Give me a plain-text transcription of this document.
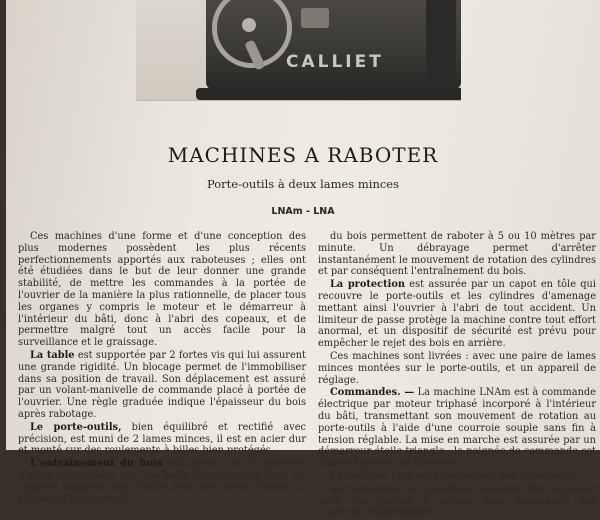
CALLIET
MACHINES A RABOTER
Porte-outils à deux lames minces
LNAm - LNA

Ces machines d'une forme et d'une conception des plus modernes possèdent les plus récents perfectionnements apportés aux raboteuses ; elles ont été étudiées dans le but de leur donner une grande stabilité, de mettre les commandes à la portée de l'ouvrier de la manière la plus rationnelle, de placer tous les organes y compris le moteur et le démarreur à l'intérieur du bâti, donc à l'abri des copeaux, et de permettre malgré tout un accès facile pour la surveillance et le graissage.

La table est supportée par 2 fortes vis qui lui assurent une grande rigidité. Un blocage permet de l'immobiliser dans sa position de travail. Son déplacement est assuré par un volant-manivelle de commande placé à portée de l'ouvrier. Une règle graduée indique l'épaisseur du bois après rabotage.

Le porte-outils, bien équilibré et rectifié avec précision, est muni de 2 lames minces, il est en acier dur et monté sur des roulements à billes bien protégés.

L'entraînement du bois est obtenu par 2 cylindres d'acier commandés par une boîte d'engrenages dont les organes baignent dans l'huile sous son carter étanche. 2 vitesses d'avancement

du bois permettent de raboter à 5 ou 10 mètres par minute. Un débrayage permet d'arrêter instantanément le mouvement de rotation des cylindres et par conséquent l'entraînement du bois.

La protection est assurée par un capot en tôle qui recouvre le porte-outils et les cylindres d'amenage mettant ainsi l'ouvrier à l'abri de tout accident. Un limiteur de passe protège la machine contre tout effort anormal, et un dispositif de sécurité est prévu pour empêcher le rejet des bois en arrière.

Ces machines sont livrées : avec une paire de lames minces montées sur le porte-outils, et un appareil de réglage.

Commandes. — La machine LNAm est à commande électrique par moteur triphasé incorporé à l'intérieur du bâti, transmettant son mouvement de rotation au porte-outils à l'aide d'une courroie souple sans fin à tension réglable. La mise en marche est assurée par un démarreur étoile triangle ; la poignée de commande est placée à portée de l'ouvrier.

La machine LNA est à commande par monopoulie.

Sur demande ces machines peuvent être équipées avec des poulies à gorges pour commande par courroies trapézoïdales.
